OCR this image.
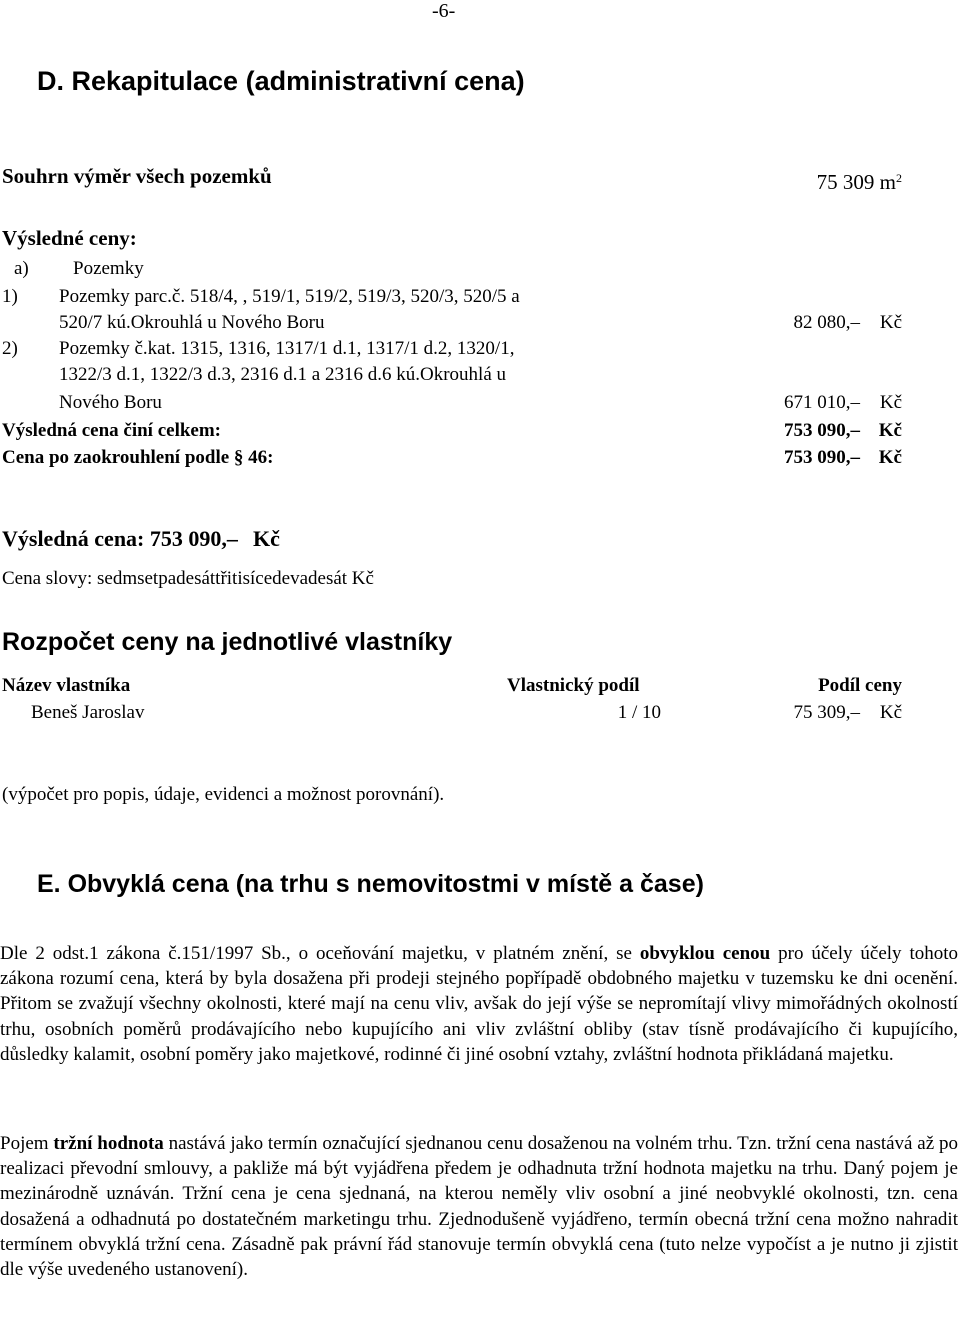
-6-
D. Rekapitulace (administrativní cena)
Souhrn výměr všech pozemků	75 309 $m^2$
Výsledné ceny:
a) Pozemky
1) Pozemky parc.č. 518/4, , 519/1, 519/2, 519/3, 520/3, 520/5 a
520/7 kú.Okrouhlá u Nového Boru	82 080,– Kč
2) Pozemky č.kat. 1315, 1316, 1317/1 d.1, 1317/1 d.2, 1320/1,
1322/3 d.1, 1322/3 d.3, 2316 d.1 a 2316 d.6 kú.Okrouhlá u
Nového Boru	671 010,– Kč
Výsledná cena činí celkem:	753 090,– Kč
Cena po zaokrouhlení podle § 46:	753 090,– Kč
Výsledná cena: 753 090,– Kč
Cena slovy: sedmsetpadesáttřitisícedevadesát Kč
Rozpočet ceny na jednotlivé vlastníky
Název vlastníka	Vlastnický podíl	Podíl ceny
Beneš Jaroslav	1 / 10	75 309,– Kč
(výpočet pro popis, údaje, evidenci a možnost porovnání).
E. Obvyklá cena (na trhu s nemovitostmi v místě a čase)

Dle 2 odst.1 zákona č.151/1997 Sb., o oceňování majetku, v platném znění, se obvyklou cenou pro účely účely tohoto zákona rozumí cena, která by byla dosažena při prodeji stejného popřípadě obdobného majetku v tuzemsku ke dni ocenění. Přitom se zvažují všechny okolnosti, které mají na cenu vliv, avšak do její výše se nepromítají vlivy mimořádných okolností trhu, osobních poměrů prodávajícího nebo kupujícího ani vliv zvláštní obliby (stav tísně prodávajícího či kupujícího, důsledky kalamit, osobní poměry jako majetkové, rodinné či jiné osobní vztahy, zvláštní hodnota přikládaná majetku.

Pojem tržní hodnota nastává jako termín označující sjednanou cenu dosaženou na volném trhu. Tzn. tržní cena nastává až po realizaci převodní smlouvy, a pakliže má být vyjádřena předem je odhadnuta tržní hodnota majetku na trhu. Daný pojem je mezinárodně uznáván. Tržní cena je cena sjednaná, na kterou neměly vliv osobní a jiné neobvyklé okolnosti, tzn. cena dosažená a odhadnutá po dostatečném marketingu trhu. Zjednodušeně vyjádřeno, termín obecná tržní cena možno nahradit termínem obvyklá tržní cena. Zásadně pak právní řád stanovuje termín obvyklá cena (tuto nelze vypočíst a je nutno ji zjistit dle výše uvedeného ustanovení).
